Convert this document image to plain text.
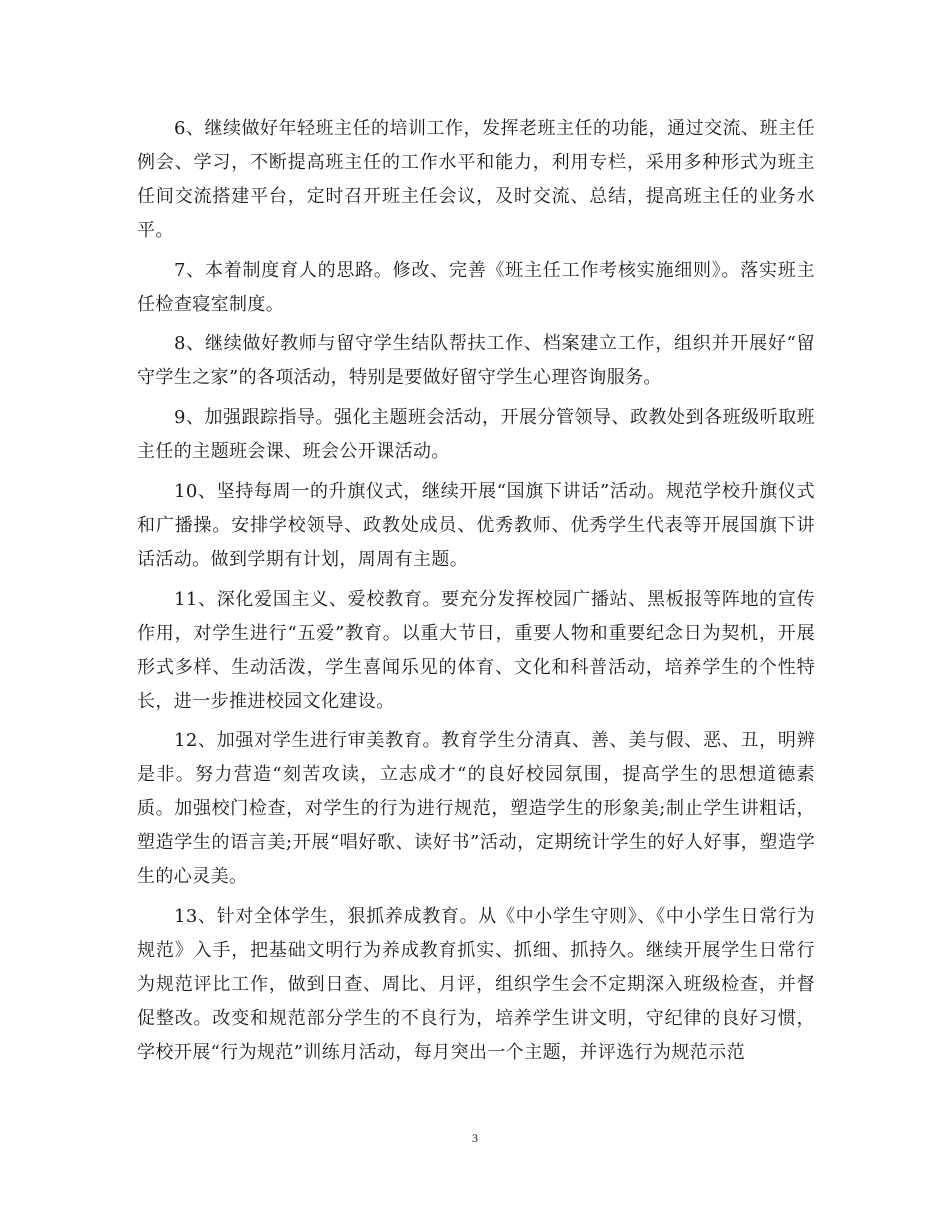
6、继续做好年轻班主任的培训工作，发挥老班主任的功能，通过交流、班主任例会、学习，不断提高班主任的工作水平和能力，利用专栏，采用多种形式为班主任间交流搭建平台，定时召开班主任会议，及时交流、总结，提高班主任的业务水平。

7、本着制度育人的思路。修改、完善《班主任工作考核实施细则》。落实班主任检查寝室制度。

8、继续做好教师与留守学生结队帮扶工作、档案建立工作，组织并开展好“留守学生之家”的各项活动，特别是要做好留守学生心理咨询服务。

9、加强跟踪指导。强化主题班会活动，开展分管领导、政教处到各班级听取班主任的主题班会课、班会公开课活动。

10、坚持每周一的升旗仪式，继续开展“国旗下讲话”活动。规范学校升旗仪式和广播操。安排学校领导、政教处成员、优秀教师、优秀学生代表等开展国旗下讲话活动。做到学期有计划，周周有主题。

11、深化爱国主义、爱校教育。要充分发挥校园广播站、黑板报等阵地的宣传作用，对学生进行“五爱”教育。以重大节日，重要人物和重要纪念日为契机，开展形式多样、生动活泼，学生喜闻乐见的体育、文化和科普活动，培养学生的个性特长，进一步推进校园文化建设。

12、加强对学生进行审美教育。教育学生分清真、善、美与假、恶、丑，明辨是非。努力营造“刻苦攻读，立志成才“的良好校园氛围，提高学生的思想道德素质。加强校门检查，对学生的行为进行规范，塑造学生的形象美;制止学生讲粗话，塑造学生的语言美;开展“唱好歌、读好书”活动，定期统计学生的好人好事，塑造学生的心灵美。

13、针对全体学生，狠抓养成教育。从《中小学生守则》、《中小学生日常行为规范》入手，把基础文明行为养成教育抓实、抓细、抓持久。继续开展学生日常行为规范评比工作，做到日查、周比、月评，组织学生会不定期深入班级检查，并督促整改。改变和规范部分学生的不良行为，培养学生讲文明，守纪律的良好习惯，学校开展“行为规范”训练月活动，每月突出一个主题，并评选行为规范示范

3
